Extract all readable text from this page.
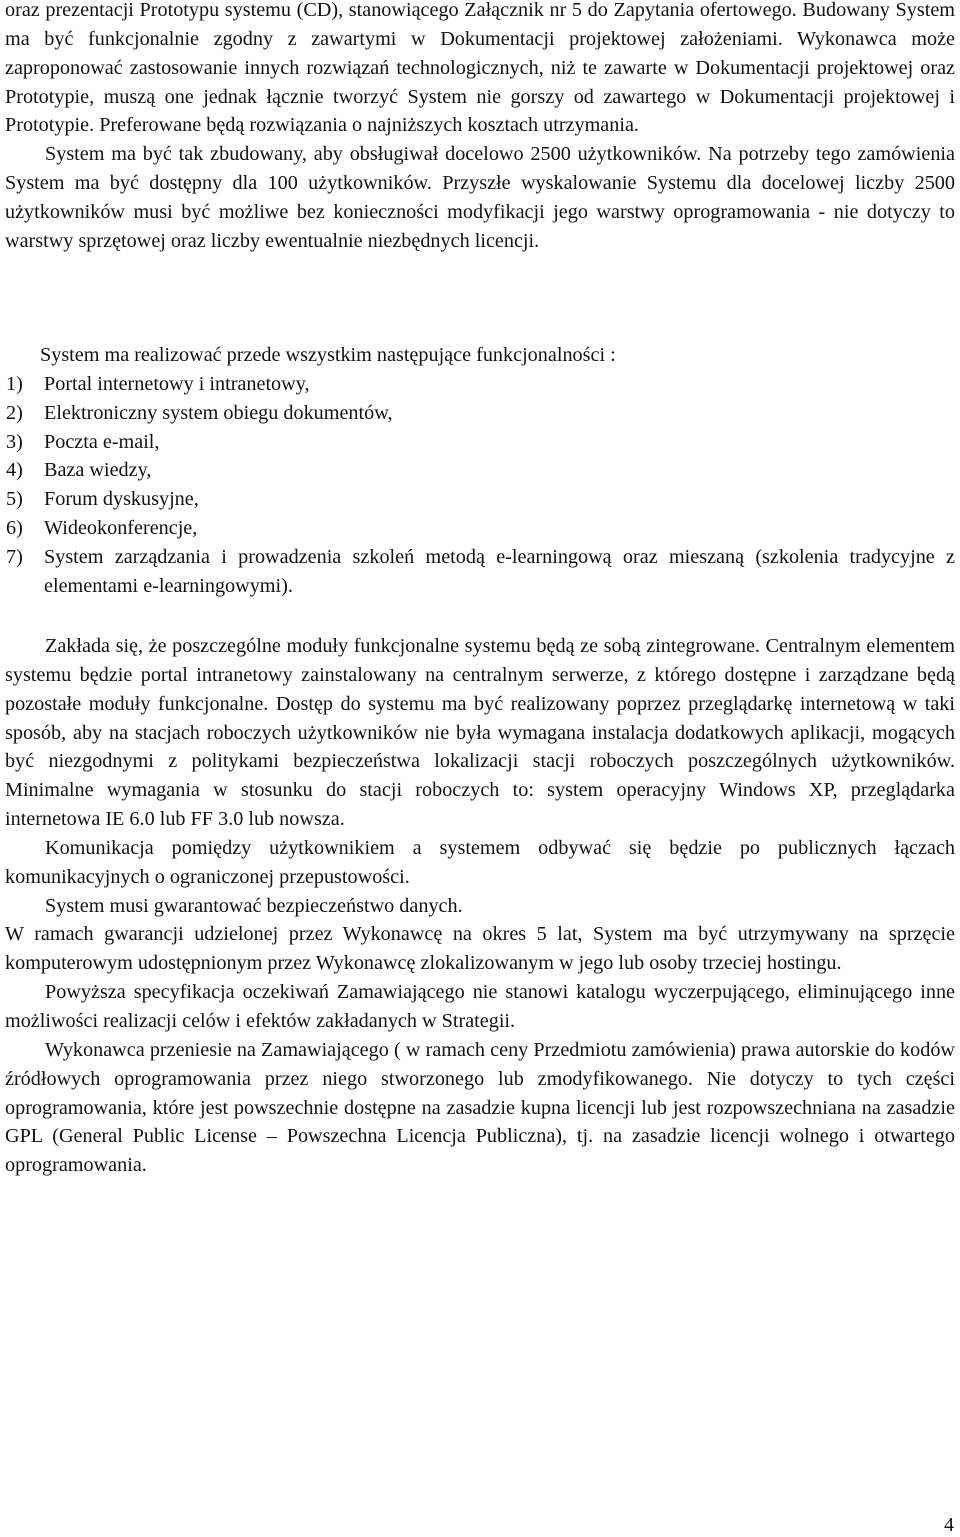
oraz prezentacji Prototypu systemu (CD), stanowiącego Załącznik nr 5 do Zapytania ofertowego. Budowany System ma być funkcjonalnie zgodny z zawartymi w Dokumentacji projektowej założeniami. Wykonawca może zaproponować zastosowanie innych rozwiązań technologicznych, niż te zawarte w Dokumentacji projektowej oraz Prototypie, muszą one jednak łącznie tworzyć System nie gorszy od zawartego w Dokumentacji projektowej i Prototypie. Preferowane będą rozwiązania o najniższych kosztach utrzymania.

System ma być tak zbudowany, aby obsługiwał docelowo 2500 użytkowników. Na potrzeby tego zamówienia System ma być dostępny dla 100 użytkowników. Przyszłe wyskalowanie Systemu dla docelowej liczby 2500 użytkowników musi być możliwe bez konieczności modyfikacji jego warstwy oprogramowania - nie dotyczy to warstwy sprzętowej oraz liczby ewentualnie niezbędnych licencji.

System ma realizować przede wszystkim następujące funkcjonalności :

1)	Portal internetowy i intranetowy,
2)	Elektroniczny system obiegu dokumentów,
3)	Poczta e-mail,
4)	Baza wiedzy,
5)	Forum dyskusyjne,
6)	Wideokonferencje,
7)	System zarządzania i prowadzenia szkoleń metodą e-learningową oraz mieszaną (szkolenia tradycyjne z elementami e-learningowymi).

Zakłada się, że poszczególne moduły funkcjonalne systemu będą ze sobą zintegrowane. Centralnym elementem systemu będzie portal intranetowy zainstalowany na centralnym serwerze, z którego dostępne i zarządzane będą pozostałe moduły funkcjonalne. Dostęp do systemu ma być realizowany poprzez przeglądarkę internetową w taki sposób, aby na stacjach roboczych użytkowników nie była wymagana instalacja dodatkowych aplikacji, mogących być niezgodnymi z politykami bezpieczeństwa lokalizacji stacji roboczych poszczególnych użytkowników. Minimalne wymagania w stosunku do stacji roboczych to: system operacyjny Windows XP, przeglądarka internetowa IE 6.0 lub FF 3.0 lub nowsza.

Komunikacja pomiędzy użytkownikiem a systemem odbywać się będzie po publicznych łączach komunikacyjnych o ograniczonej przepustowości.

System musi gwarantować bezpieczeństwo danych.

W ramach gwarancji udzielonej przez Wykonawcę na okres 5 lat, System ma być utrzymywany na sprzęcie komputerowym udostępnionym przez Wykonawcę zlokalizowanym w jego lub osoby trzeciej hostingu.

Powyższa specyfikacja oczekiwań Zamawiającego nie stanowi katalogu wyczerpującego, eliminującego inne możliwości realizacji celów i efektów zakładanych w Strategii.

Wykonawca przeniesie na Zamawiającego ( w ramach ceny Przedmiotu zamówienia) prawa autorskie do kodów źródłowych oprogramowania przez niego stworzonego lub zmodyfikowanego. Nie dotyczy to tych części oprogramowania, które jest powszechnie dostępne na zasadzie kupna licencji lub jest rozpowszechniana na zasadzie GPL (General Public License – Powszechna Licencja Publiczna), tj. na zasadzie licencji wolnego i otwartego oprogramowania.

4
